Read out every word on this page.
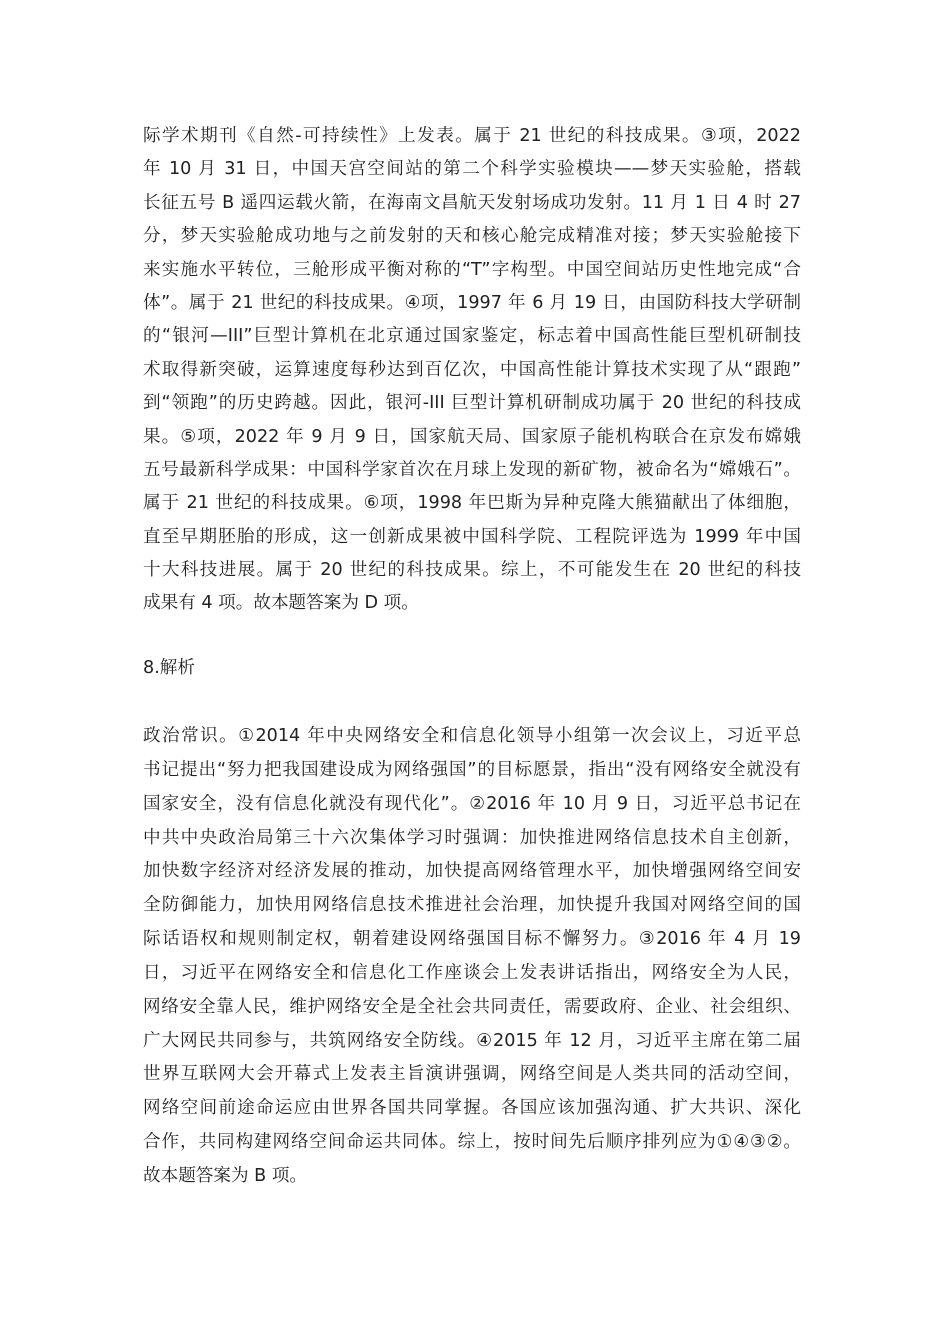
际学术期刊《自然-可持续性》上发表。属于 21 世纪的科技成果。③项，2022
年 10 月 31 日，中国天宫空间站的第二个科学实验模块——梦天实验舱，搭载
长征五号 B 遥四运载火箭，在海南文昌航天发射场成功发射。11 月 1 日 4 时 27
分，梦天实验舱成功地与之前发射的天和核心舱完成精准对接；梦天实验舱接下
来实施水平转位，三舱形成平衡对称的“T”字构型。中国空间站历史性地完成“合
体”。属于 21 世纪的科技成果。④项，1997 年 6 月 19 日，由国防科技大学研制
的“银河—III”巨型计算机在北京通过国家鉴定，标志着中国高性能巨型机研制技
术取得新突破，运算速度每秒达到百亿次，中国高性能计算技术实现了从“跟跑”
到“领跑”的历史跨越。因此，银河-III 巨型计算机研制成功属于 20 世纪的科技成
果。⑤项，2022 年 9 月 9 日，国家航天局、国家原子能机构联合在京发布嫦娥
五号最新科学成果：中国科学家首次在月球上发现的新矿物，被命名为“嫦娥石”。
属于 21 世纪的科技成果。⑥项，1998 年巴斯为异种克隆大熊猫献出了体细胞，
直至早期胚胎的形成，这一创新成果被中国科学院、工程院评选为 1999 年中国
十大科技进展。属于 20 世纪的科技成果。综上，不可能发生在 20 世纪的科技
成果有 4 项。故本题答案为 D 项。
8.解析
政治常识。①2014 年中央网络安全和信息化领导小组第一次会议上，习近平总
书记提出“努力把我国建设成为网络强国”的目标愿景，指出“没有网络安全就没有
国家安全，没有信息化就没有现代化”。②2016 年 10 月 9 日，习近平总书记在
中共中央政治局第三十六次集体学习时强调：加快推进网络信息技术自主创新，
加快数字经济对经济发展的推动，加快提高网络管理水平，加快增强网络空间安
全防御能力，加快用网络信息技术推进社会治理，加快提升我国对网络空间的国
际话语权和规则制定权，朝着建设网络强国目标不懈努力。③2016 年 4 月 19
日，习近平在网络安全和信息化工作座谈会上发表讲话指出，网络安全为人民，
网络安全靠人民，维护网络安全是全社会共同责任，需要政府、企业、社会组织、
广大网民共同参与，共筑网络安全防线。④2015 年 12 月，习近平主席在第二届
世界互联网大会开幕式上发表主旨演讲强调，网络空间是人类共同的活动空间，
网络空间前途命运应由世界各国共同掌握。各国应该加强沟通、扩大共识、深化
合作，共同构建网络空间命运共同体。综上，按时间先后顺序排列应为①④③②。
故本题答案为 B 项。
